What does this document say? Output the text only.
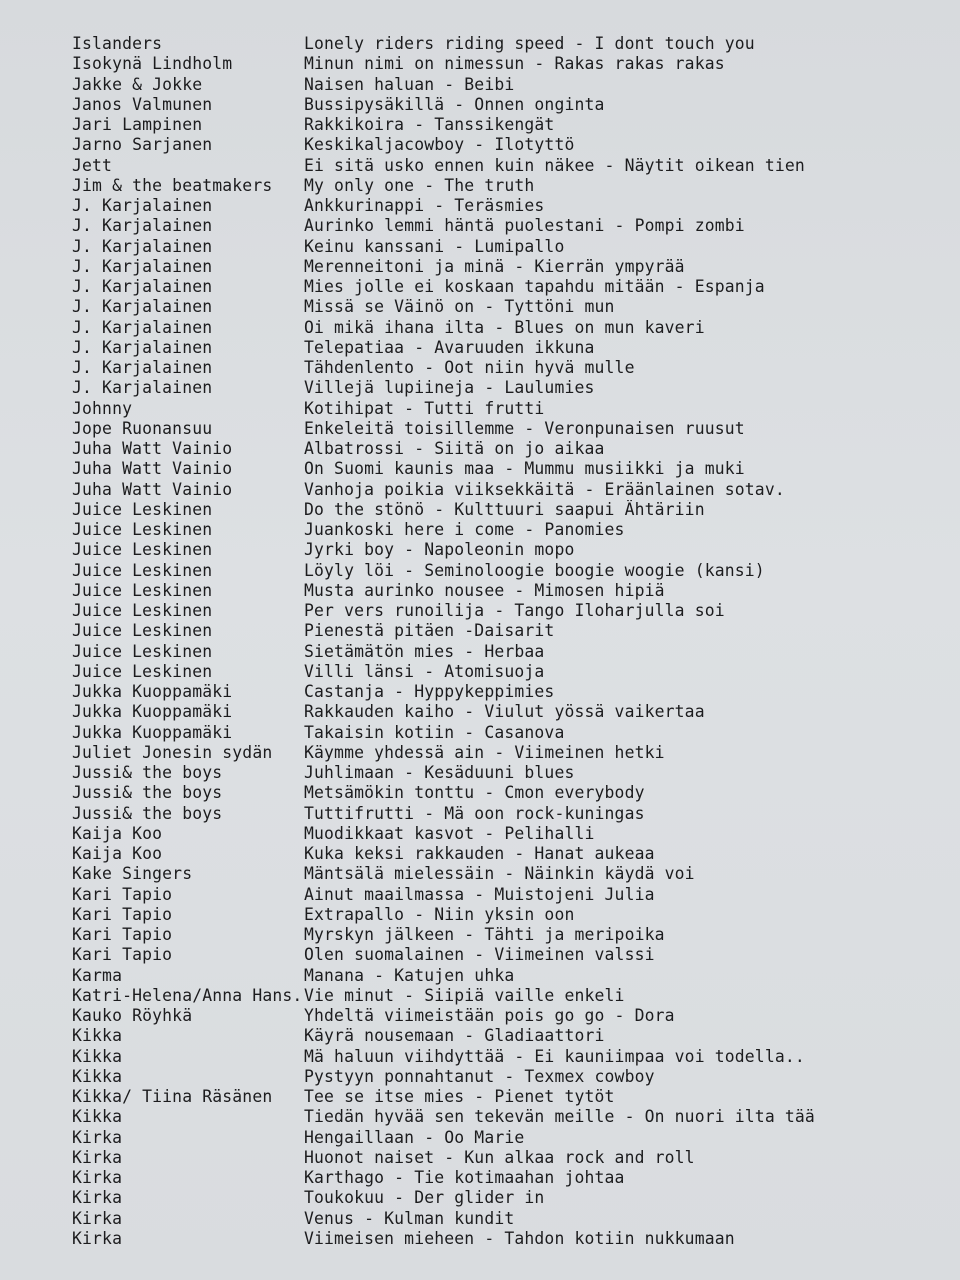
Islanders	Lonely riders riding speed - I dont touch you
Isokynä Lindholm	Minun nimi on nimessun - Rakas rakas rakas
Jakke & Jokke	Naisen haluan - Beibi
Janos Valmunen	Bussipysäkillä - Onnen onginta
Jari Lampinen	Rakkikoira - Tanssikengät
Jarno Sarjanen	Keskikaljacowboy - Ilotyttö
Jett	Ei sitä usko ennen kuin näkee - Näytit oikean tien
Jim & the beatmakers	My only one - The truth
J. Karjalainen	Ankkurinappi - Teräsmies
J. Karjalainen	Aurinko lemmi häntä puolestani - Pompi zombi
J. Karjalainen	Keinu kanssani - Lumipallo
J. Karjalainen	Merenneitoni ja minä - Kierrän ympyrää
J. Karjalainen	Mies jolle ei koskaan tapahdu mitään - Espanja
J. Karjalainen	Missä se Väinö on - Tyttöni mun
J. Karjalainen	Oi mikä ihana ilta - Blues on mun kaveri
J. Karjalainen	Telepatiaa - Avaruuden ikkuna
J. Karjalainen	Tähdenlento - Oot niin hyvä mulle
J. Karjalainen	Villejä lupiineja - Laulumies
Johnny	Kotihipat - Tutti frutti
Jope Ruonansuu	Enkeleitä toisillemme - Veronpunaisen ruusut
Juha Watt Vainio	Albatrossi - Siitä on jo aikaa
Juha Watt Vainio	On Suomi kaunis maa - Mummu musiikki ja muki
Juha Watt Vainio	Vanhoja poikia viiksekkäitä - Eräänlainen sotav.
Juice Leskinen	Do the stönö - Kulttuuri saapui Ähtäriin
Juice Leskinen	Juankoski here i come - Panomies
Juice Leskinen	Jyrki boy - Napoleonin mopo
Juice Leskinen	Löyly löi - Seminoloogie boogie woogie (kansi)
Juice Leskinen	Musta aurinko nousee - Mimosen hipiä
Juice Leskinen	Per vers runoilija - Tango Iloharjulla soi
Juice Leskinen	Pienestä pitäen -Daisarit
Juice Leskinen	Sietämätön mies - Herbaa
Juice Leskinen	Villi länsi - Atomisuoja
Jukka Kuoppamäki	Castanja - Hyppykeppimies
Jukka Kuoppamäki	Rakkauden kaiho - Viulut yössä vaikertaa
Jukka Kuoppamäki	Takaisin kotiin - Casanova
Juliet Jonesin sydän	Käymme yhdessä ain - Viimeinen hetki
Jussi& the boys	Juhlimaan - Kesäduuni blues
Jussi& the boys	Metsämökin tonttu - Cmon everybody
Jussi& the boys	Tuttifrutti - Mä oon rock-kuningas
Kaija Koo	Muodikkaat kasvot - Pelihalli
Kaija Koo	Kuka keksi rakkauden - Hanat aukeaa
Kake Singers	Mäntsälä mielessäin - Näinkin käydä voi
Kari Tapio	Ainut maailmassa - Muistojeni Julia
Kari Tapio	Extrapallo - Niin yksin oon
Kari Tapio	Myrskyn jälkeen - Tähti ja meripoika
Kari Tapio	Olen suomalainen - Viimeinen valssi
Karma	Manana - Katujen uhka
Katri-Helena/Anna Hans. Vie minut - Siipiä vaille enkeli
Kauko Röyhkä	Yhdeltä viimeistään pois go go - Dora
Kikka	Käyrä nousemaan - Gladiaattori
Kikka	Mä haluun viihdyttää - Ei kauniimpaa voi todella..
Kikka	Pystyyn ponnahtanut - Texmex cowboy
Kikka/ Tiina Räsänen	Tee se itse mies - Pienet tytöt
Kikka	Tiedän hyvää sen tekevän meille - On nuori ilta tää
Kirka	Hengaillaan - Oo Marie
Kirka	Huonot naiset - Kun alkaa rock and roll
Kirka	Karthago - Tie kotimaahan johtaa
Kirka	Toukokuu - Der glider in
Kirka	Venus - Kulman kundit
Kirka	Viimeisen mieheen - Tahdon kotiin nukkumaan
